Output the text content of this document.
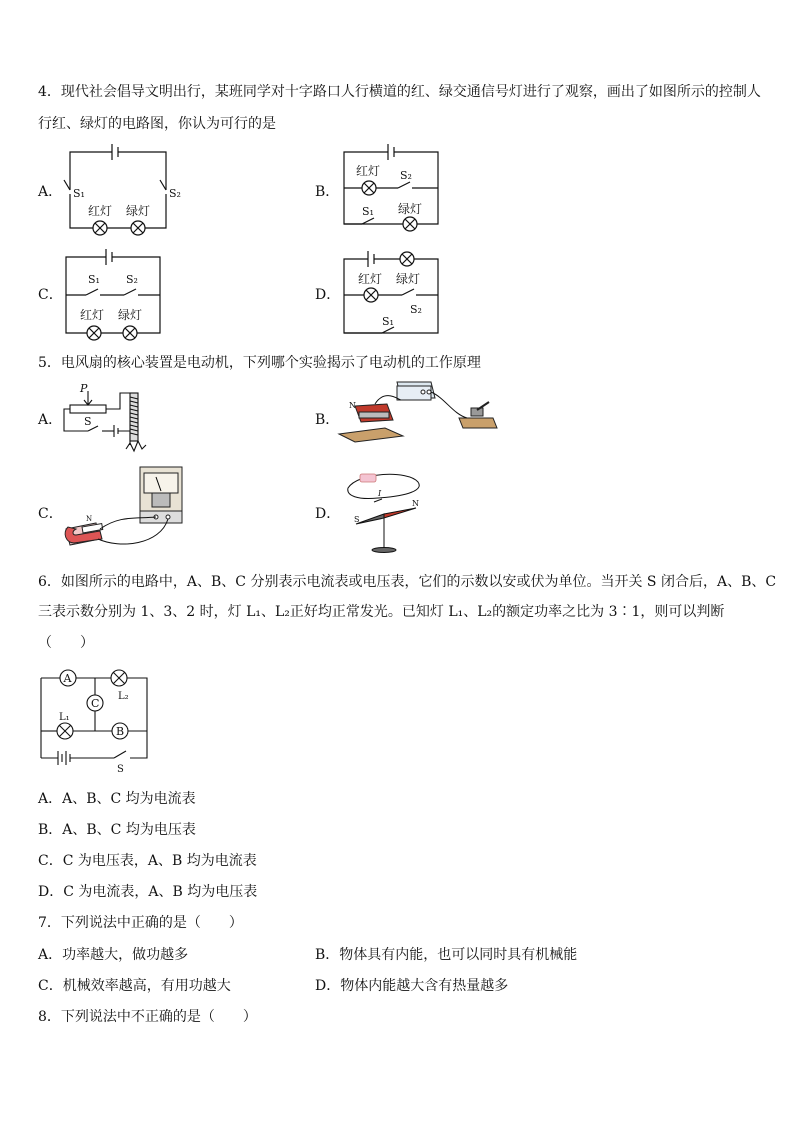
4．现代社会倡导文明出行，某班同学对十字路口人行横道的红、绿交通信号灯进行了观察，画出了如图所示的控制人
行红、绿灯的电路图，你认为可行的是
A． S₁	S₂
红灯 绿灯
B．
红灯 S₂
S₁ 绿灯
C．
S₁ S₂
红灯 绿灯
D．
红灯 绿灯
S₂
S₁
5．电风扇的核心装置是电动机，下列哪个实验揭示了电动机的工作原理
A．
P
S	B．
N
C．	N	D．
I
S
N
6．如图所示的电路中，A、B、C 分别表示电流表或电压表，它们的示数以安或伏为单位。当开关 S 闭合后，A、B、C
三表示数分别为 1、3、2 时，灯 L₁、L₂正好均正常发光。已知灯 L₁、L₂的额定功率之比为 3∶1，则可以判断
（　　）
A
C
B
L₂
L₁
S
A．A、B、C 均为电流表
B．A、B、C 均为电压表
C．C 为电压表，A、B 均为电流表
D．C 为电流表，A、B 均为电压表
7．下列说法中正确的是（　　）
A．功率越大，做功越多	B．物体具有内能，也可以同时具有机械能
C．机械效率越高，有用功越大	D．物体内能越大含有热量越多
8．下列说法中不正确的是（　　）
